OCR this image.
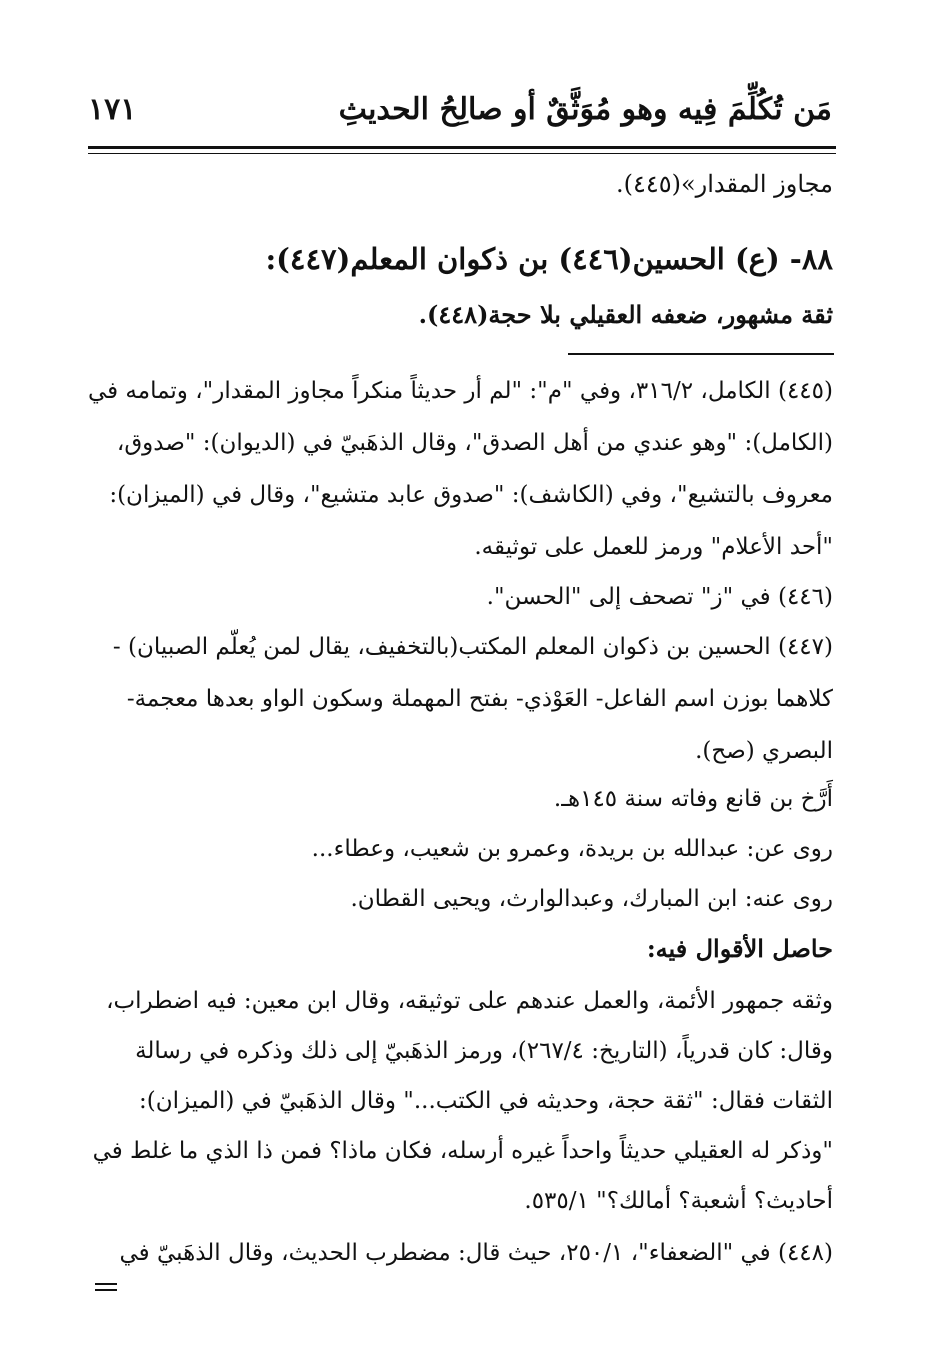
مَن تُكُلِّمَ فِيه وهو مُوَثَّقٌ أو صالِحُ الحديثِ
١٧١
مجاوز المقدار»(٤٤٥).
٨٨- (ع) الحسين(٤٤٦) بن ذكوان المعلم(٤٤٧):
ثقة مشهور، ضعفه العقيلي بلا حجة(٤٤٨).
(٤٤٥) الكامل، ٣١٦/٢، وفي "م": "لم أر حديثاً منكراً مجاوز المقدار"، وتمامه في
(الكامل): "وهو عندي من أهل الصدق"، وقال الذهَبيّ في (الديوان): "صدوق،
معروف بالتشيع"، وفي (الكاشف): "صدوق عابد متشيع"، وقال في (الميزان):
"أحد الأعلام" ورمز للعمل على توثيقه.
(٤٤٦) في "ز" تصحف إلى "الحسن".
(٤٤٧) الحسين بن ذكوان المعلم المكتب(بالتخفيف، يقال لمن يُعلّم الصبيان) -
كلاهما بوزن اسم الفاعل- العَوْذي- بفتح المهملة وسكون الواو بعدها معجمة-
البصري (صح).
أَرَّخ بن قانع وفاته سنة ١٤٥هـ.
روى عن: عبدالله بن بريدة، وعمرو بن شعيب، وعطاء...
روى عنه: ابن المبارك، وعبدالوارث، ويحيى القطان.
حاصل الأقوال فيه:
وثقه جمهور الأئمة، والعمل عندهم على توثيقه، وقال ابن معين: فيه اضطراب،
وقال: كان قدرياً، (التاريخ: ٢٦٧/٤)، ورمز الذهَبيّ إلى ذلك وذكره في رسالة
الثقات فقال: "ثقة حجة، وحديثه في الكتب..." وقال الذهَبيّ في (الميزان):
"وذكر له العقيلي حديثاً واحداً غيره أرسله، فكان ماذا؟ فمن ذا الذي ما غلط في
أحاديث؟ أشعبة؟ أمالك؟" ٥٣٥/١.
(٤٤٨) في "الضعفاء"، ٢٥٠/١، حيث قال: مضطرب الحديث، وقال الذهَبيّ في
